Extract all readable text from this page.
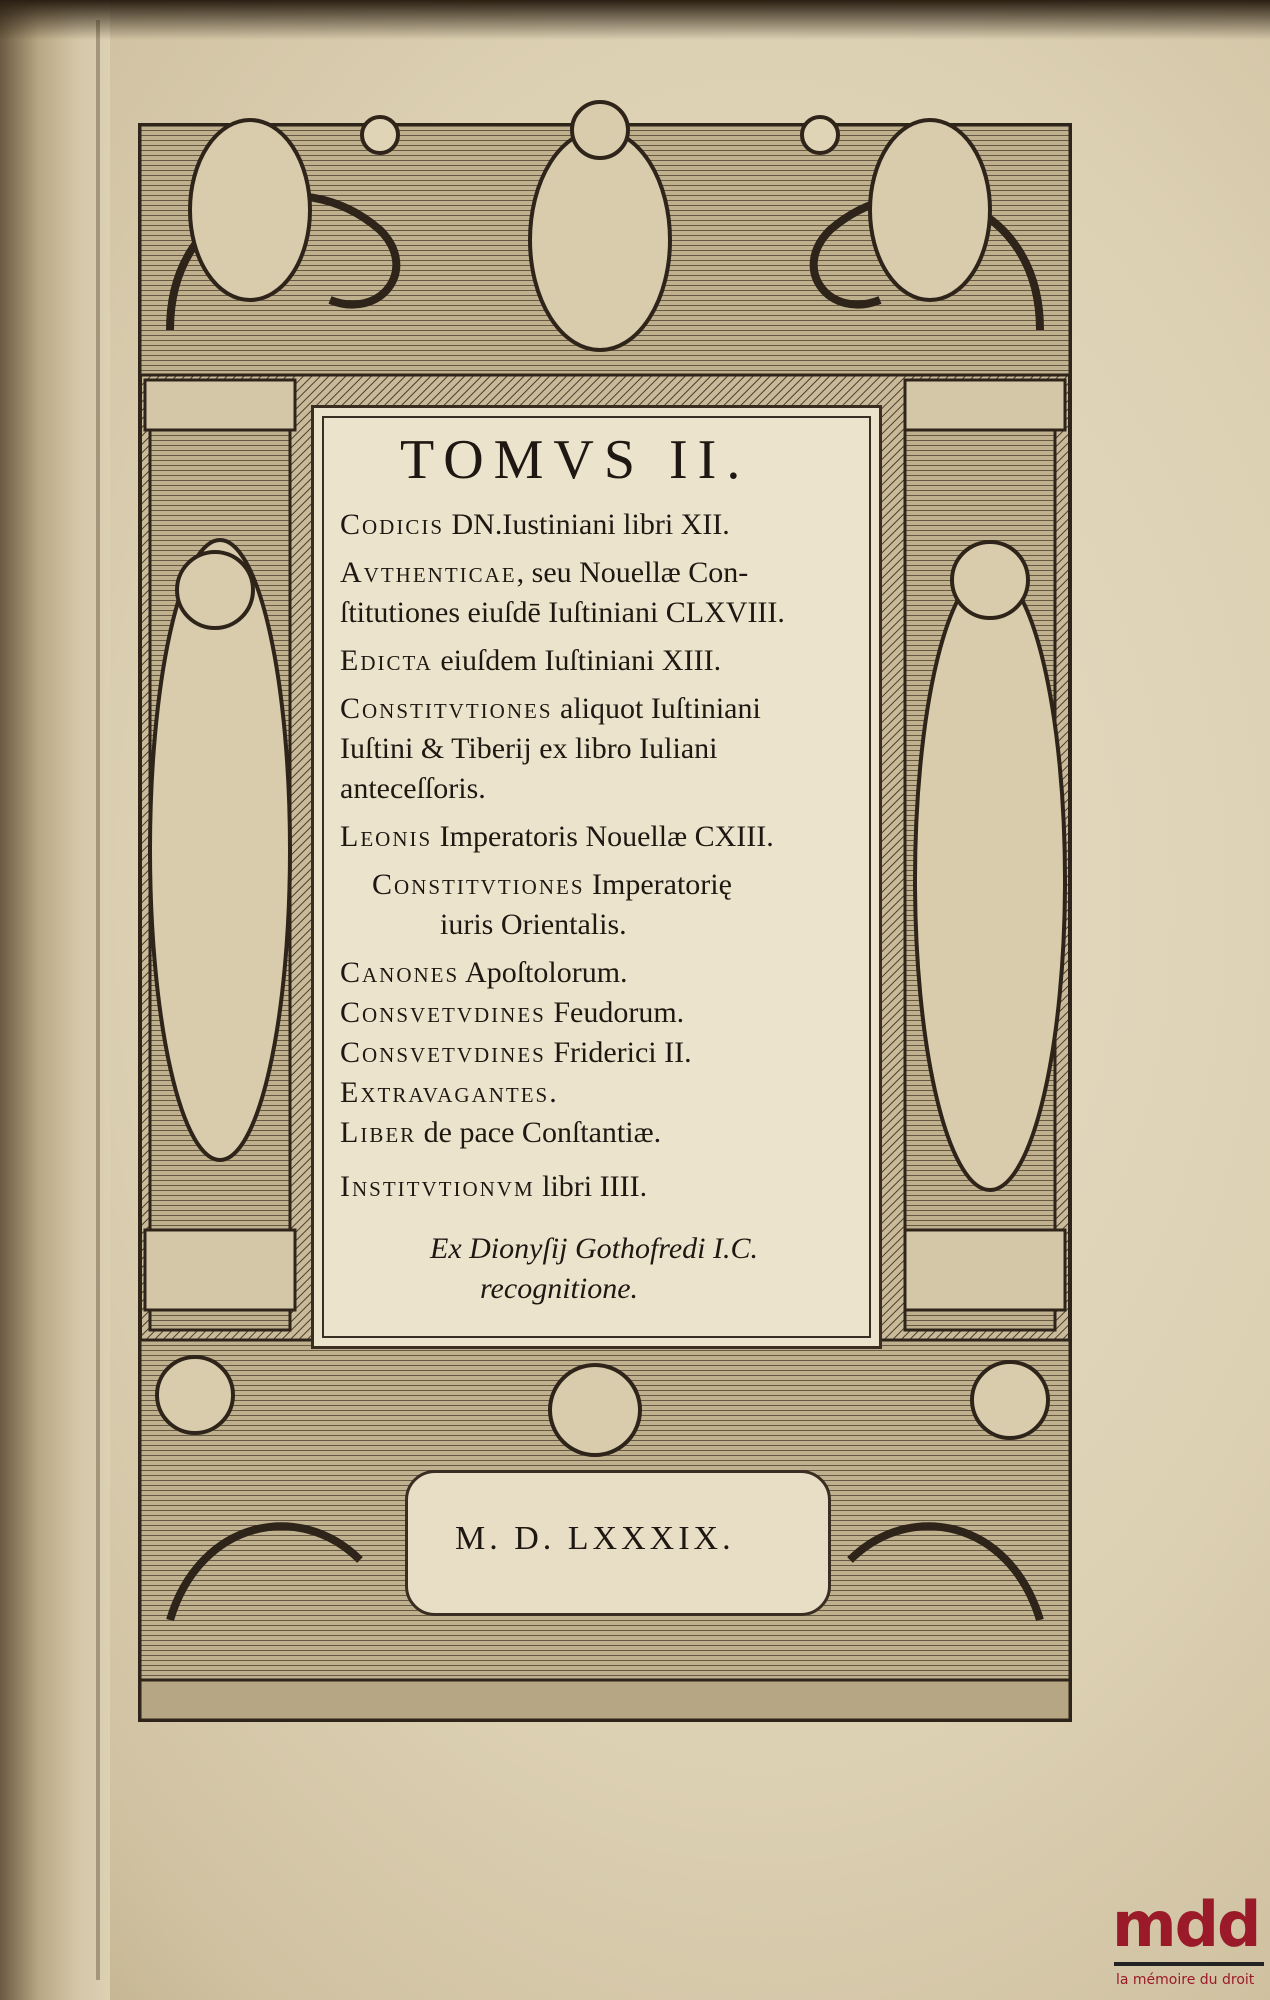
TOMVS II.
Codicis DN.Iustiniani libri XII.
Avthenticae, seu Nouellæ Con-
ſtitutiones eiuſdē Iuſtiniani CLXVIII.
Edicta eiuſdem Iuſtiniani XIII.
Constitvtiones aliquot Iuſtiniani
Iuſtini & Tiberij ex libro Iuliani
anteceſſoris.
Leonis Imperatoris Nouellæ CXIII.
Constitvtiones Imperatorię
iuris Orientalis.
Canones Apoſtolorum.
Consvetvdines Feudorum.
Consvetvdines Friderici II.
Extravagantes.
Liber de pace Conſtantiæ.
Institvtionvm libri IIII.
Ex Dionyſij Gothofredi I.C.
recognitione.
M. D. LXXXIX.
mdd
la mémoire du droit
